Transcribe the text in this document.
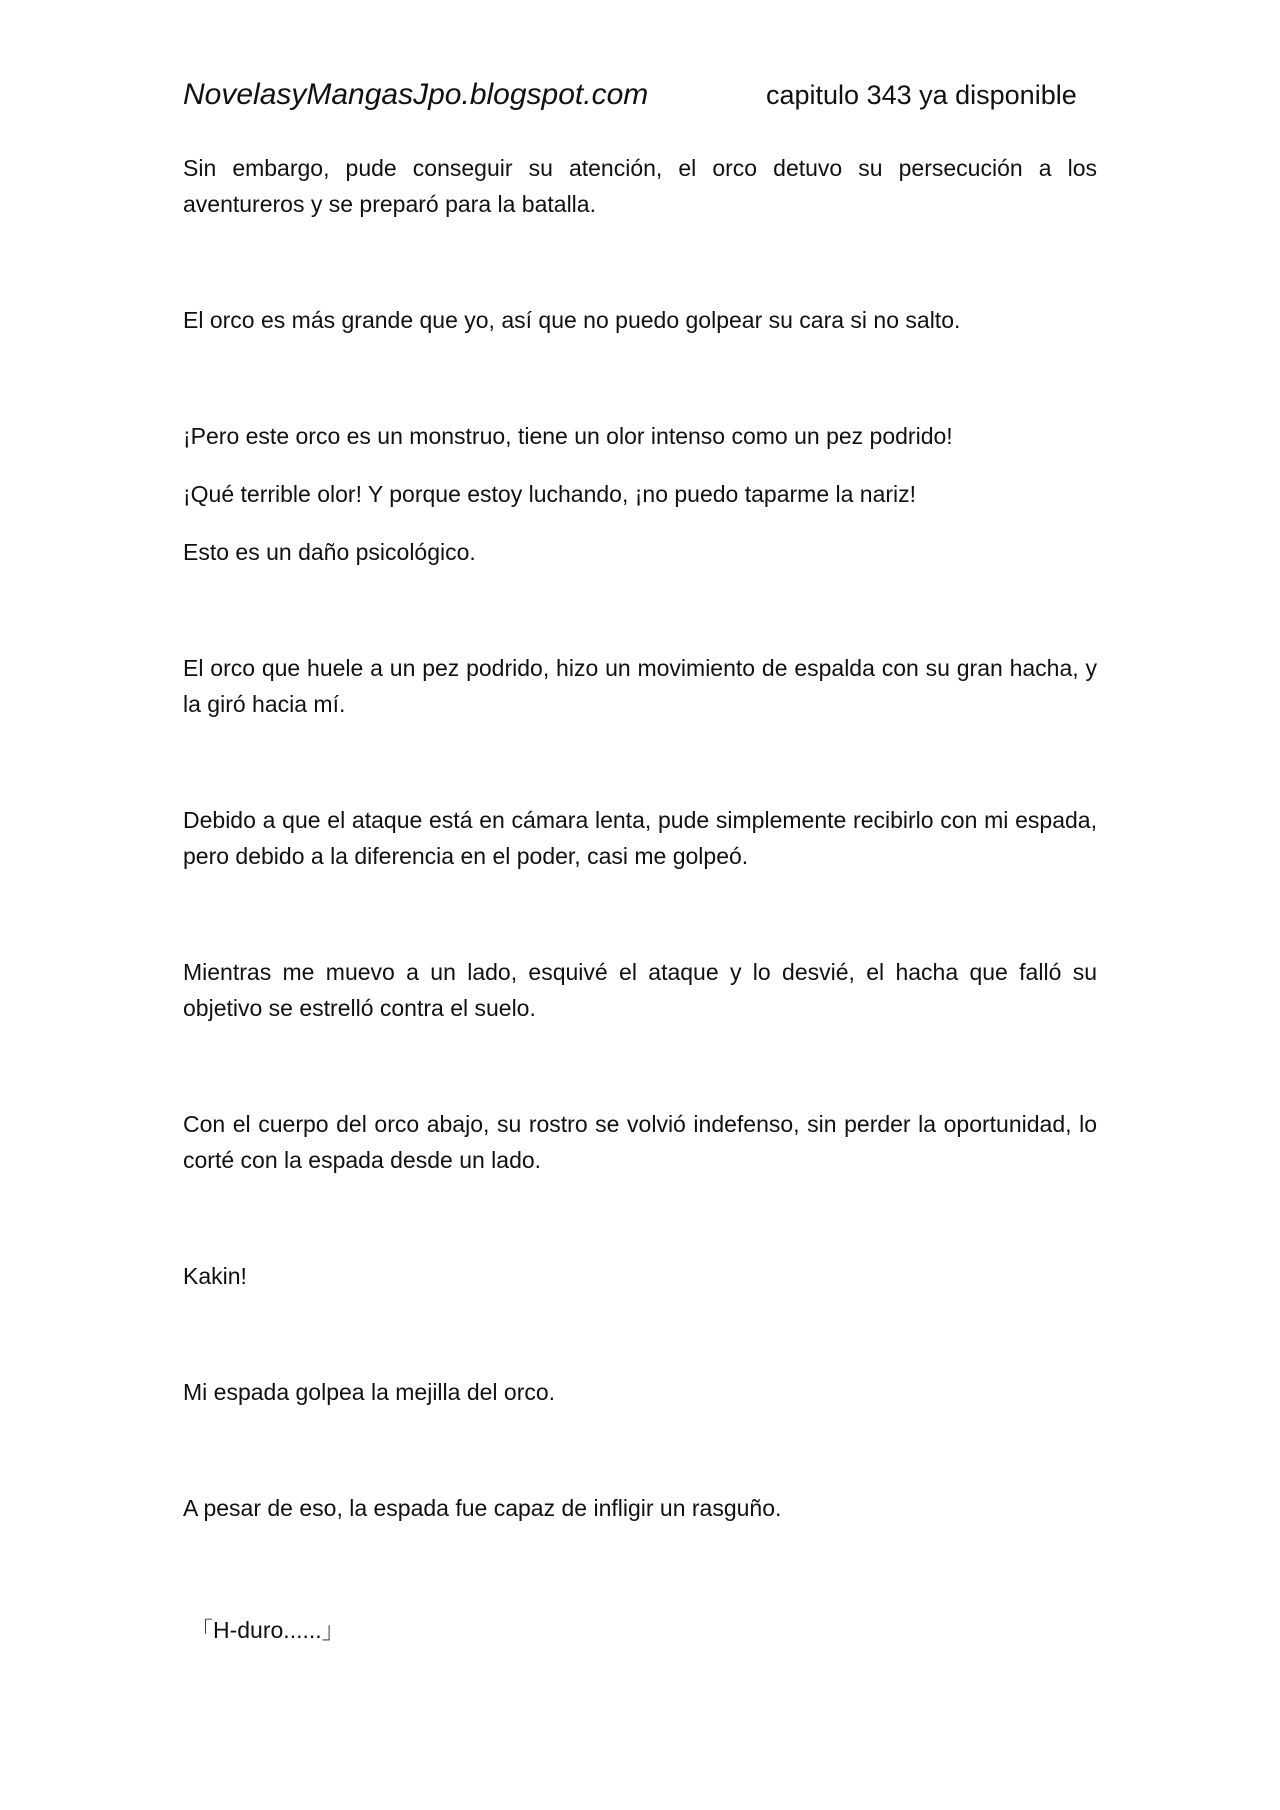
NovelasyMangasJpo.blogspot.com	capitulo 343 ya disponible

Sin embargo, pude conseguir su atención, el orco detuvo su persecución a los aventureros y se preparó para la batalla.

El orco es más grande que yo, así que no puedo golpear su cara si no salto.

¡Pero este orco es un monstruo, tiene un olor intenso como un pez podrido!

¡Qué terrible olor! Y porque estoy luchando, ¡no puedo taparme la nariz!

Esto es un daño psicológico.

El orco que huele a un pez podrido, hizo un movimiento de espalda con su gran hacha, y la giró hacia mí.

Debido a que el ataque está en cámara lenta, pude simplemente recibirlo con mi espada, pero debido a la diferencia en el poder, casi me golpeó.

Mientras me muevo a un lado, esquivé el ataque y lo desvié, el hacha que falló su objetivo se estrelló contra el suelo.

Con el cuerpo del orco abajo, su rostro se volvió indefenso, sin perder la oportunidad, lo corté con la espada desde un lado.

Kakin!

Mi espada golpea la mejilla del orco.

A pesar de eso, la espada fue capaz de infligir un rasguño.

「H-duro......」
